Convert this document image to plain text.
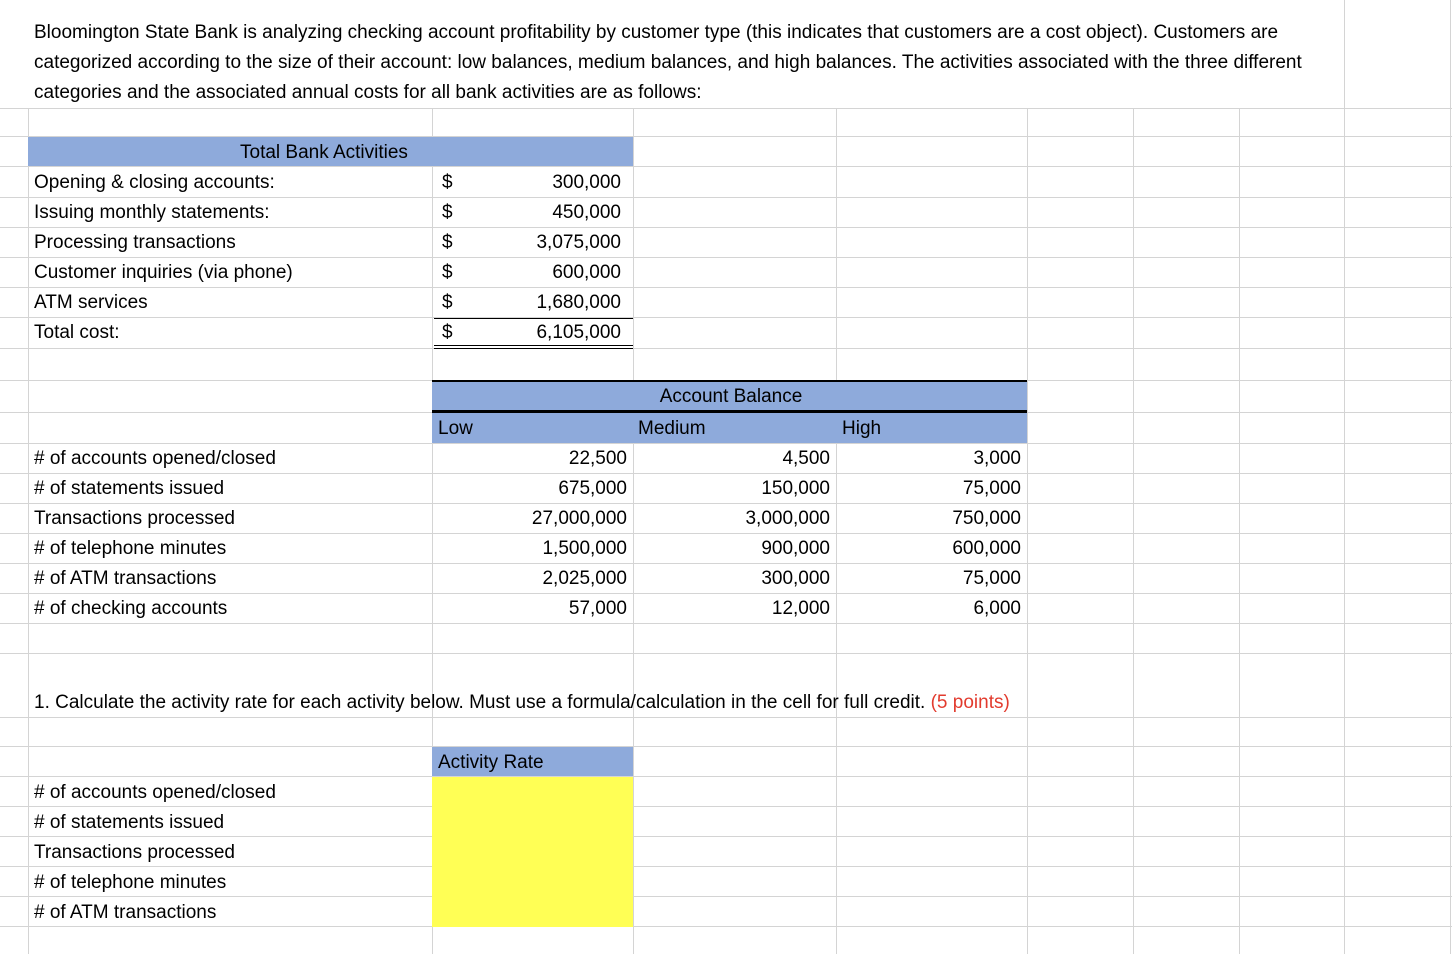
Bloomington State Bank is analyzing checking account profitability by customer type (this indicates that customers are a cost object). Customers are categorized according to the size of their account: low balances, medium balances, and high balances. The activities associated with the three different categories and the associated annual costs for all bank activities are as follows:
Total Bank Activities
Opening & closing accounts:	$	300,000
Issuing monthly statements:	$	450,000
Processing transactions	$	3,075,000
Customer inquiries (via phone)	$	600,000
ATM services	$	1,680,000
Total cost:	$	6,105,000
Account Balance
Low	Medium	High
# of accounts opened/closed	22,500	4,500	3,000
# of statements issued	675,000	150,000	75,000
Transactions processed	27,000,000	3,000,000	750,000
# of telephone minutes	1,500,000	900,000	600,000
# of ATM transactions	2,025,000	300,000	75,000
# of checking accounts	57,000	12,000	6,000
1. Calculate the activity rate for each activity below. Must use a formula/calculation in the cell for full credit. (5 points)
Activity Rate
# of accounts opened/closed
# of statements issued
Transactions processed
# of telephone minutes
# of ATM transactions
